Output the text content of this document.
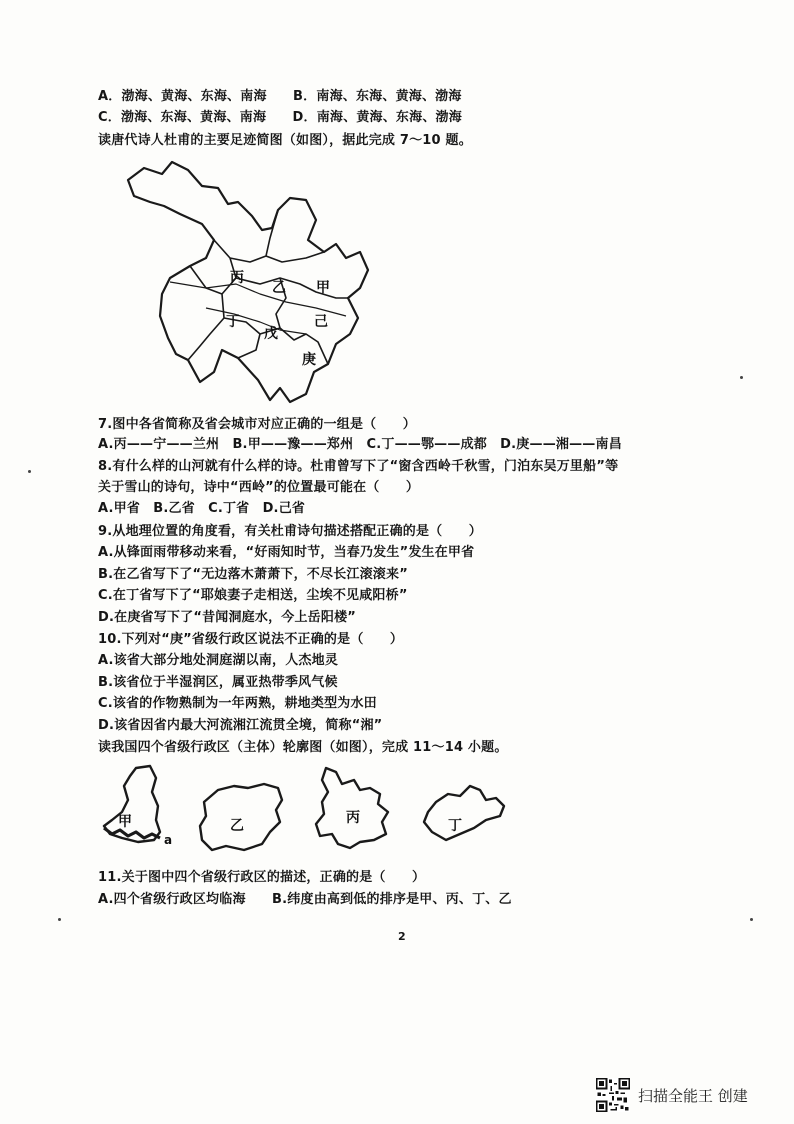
A．渤海、黄海、东海、南海　　B．南海、东海、黄海、渤海
C．渤海、东海、黄海、南海　　D．南海、黄海、东海、渤海
读唐代诗人杜甫的主要足迹简图（如图），据此完成 7～10 题。
丙
乙 甲
丁
戊
己
庚
7.图中各省简称及省会城市对应正确的一组是（　　）
A.丙——宁——兰州　B.甲——豫——郑州　C.丁——鄂——成都　D.庚——湘——南昌
8.有什么样的山河就有什么样的诗。杜甫曾写下了“窗含西岭千秋雪，门泊东吴万里船”等
关于雪山的诗句，诗中“西岭”的位置最可能在（　　）
A.甲省　B.乙省　C.丁省　D.己省
9.从地理位置的角度看，有关杜甫诗句描述搭配正确的是（　　）
A.从锋面雨带移动来看，“好雨知时节，当春乃发生”发生在甲省
B.在乙省写下了“无边落木萧萧下，不尽长江滚滚来”
C.在丁省写下了“耶娘妻子走相送，尘埃不见咸阳桥”
D.在庚省写下了“昔闻洞庭水，今上岳阳楼”
10.下列对“庚”省级行政区说法不正确的是（　　）
A.该省大部分地处洞庭湖以南，人杰地灵
B.该省位于半湿润区，属亚热带季风气候
C.该省的作物熟制为一年两熟，耕地类型为水田
D.该省因省内最大河流湘江流贯全境，简称“湘”
读我国四个省级行政区（主体）轮廓图（如图），完成 11～14 小题。
甲
a
乙	丙	丁
11.关于图中四个省级行政区的描述，正确的是（　　）
A.四个省级行政区均临海　　B.纬度由高到低的排序是甲、丙、丁、乙
2
扫描全能王 创建
